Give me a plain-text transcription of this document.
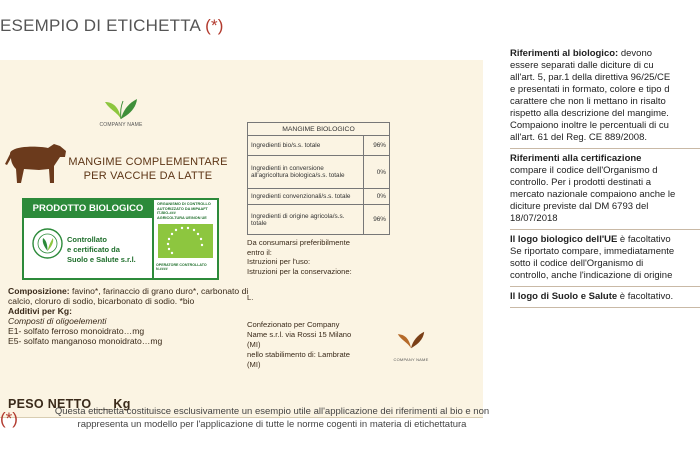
ESEMPIO DI ETICHETTA (*)
COMPANY NAME
MANGIME COMPLEMENTARE
PER VACCHE DA LATTE
PRODOTTO BIOLOGICO
Controllato
e certificato da
Suolo e Salute s.r.l.
ORGANISMO DI CONTROLLO
AUTORIZZATO DA MIPAAFT
IT-BIO-###
AGRICOLTURA UE/NON UE
OPERATORE CONTROLLATO
N.####
Composizione: favino*, farinaccio di grano duro*, carbonato di calcio, cloruro di sodio, bicarbonato di sodio. *bio
Additivi per Kg:
Composti di oligoelementi
E1- solfato ferroso monoidrato…mg
E5- solfato manganoso monoidrato…mg
PESO NETTO __ Kg
MANGIME BIOLOGICO	
Ingredienti bio/s.s. totale	96%
Ingredienti in conversione all'agricoltura biologica/s.s. totale	0%
Ingredienti convenzionali/s.s. totale	0%
Ingredienti di origine agricola/s.s. totale	96%
Da consumarsi preferibilmente
entro il:
Istruzioni per l'uso:
Istruzioni per la conservazione:
L.
Confezionato per Company
Name s.r.l. via Rossi 15 Milano
(MI)
nello stabilimento di: Lambrate
(MI)
COMPANY NAME

Riferimenti al biologico: devono

essere separati dalle diciture di cu

all'art. 5, par.1 della direttiva 96/25/CE

e presentati in formato, colore e tipo d

carattere che non li mettano in risalto

rispetto alla descrizione del mangime.

Compaiono inoltre le percentuali di cu

all'art. 61 del Reg. CE 889/2008.

Riferimenti alla certificazione

compare il codice dell'Organismo d

controllo. Per i prodotti destinati a

mercato nazionale compaiono anche le

diciture previste dal DM 6793 del

18/07/2018

Il logo biologico dell'UE è facoltativo

Se riportato compare, immediatamente

sotto il codice dell'Organismo di

controllo, anche l'indicazione di origine

Il logo di Suolo e Salute è facoltativo.

(*)	Questa etichetta costituisce esclusivamente un esempio utile all'applicazione dei riferimenti al bio e non
rappresenta un modello per l'applicazione di tutte le norme cogenti in materia di etichettatura
